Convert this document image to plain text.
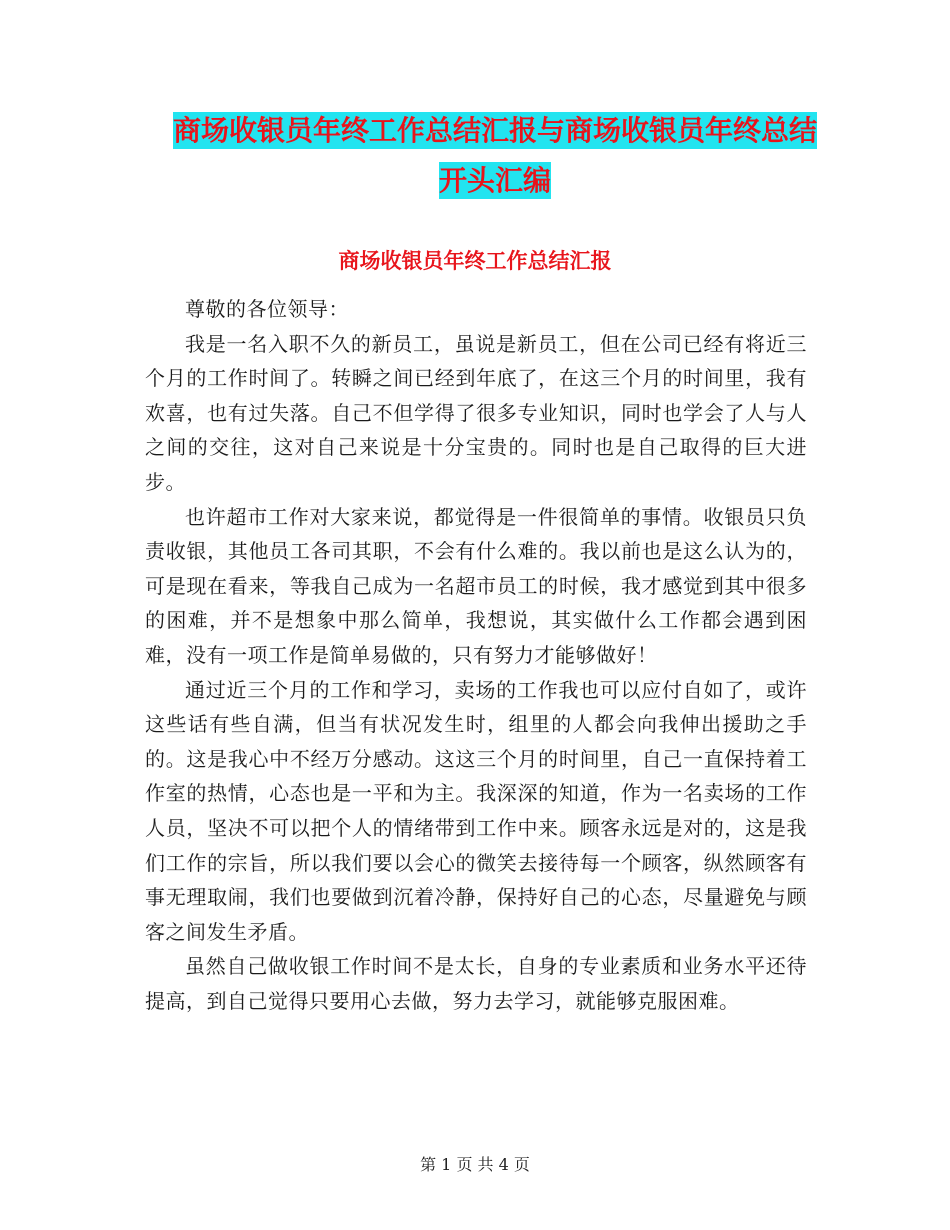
商场收银员年终工作总结汇报与商场收银员年终总结
开头汇编
商场收银员年终工作总结汇报

尊敬的各位领导：

我是一名入职不久的新员工，虽说是新员工，但在公司已经有将近三个月的工作时间了。转瞬之间已经到年底了，在这三个月的时间里，我有欢喜，也有过失落。自己不但学得了很多专业知识，同时也学会了人与人之间的交往，这对自己来说是十分宝贵的。同时也是自己取得的巨大进步。

也许超市工作对大家来说，都觉得是一件很简单的事情。收银员只负责收银，其他员工各司其职，不会有什么难的。我以前也是这么认为的，可是现在看来，等我自己成为一名超市员工的时候，我才感觉到其中很多的困难，并不是想象中那么简单，我想说，其实做什么工作都会遇到困难，没有一项工作是简单易做的，只有努力才能够做好！

通过近三个月的工作和学习，卖场的工作我也可以应付自如了，或许这些话有些自满，但当有状况发生时，组里的人都会向我伸出援助之手的。这是我心中不经万分感动。这这三个月的时间里，自己一直保持着工作室的热情，心态也是一平和为主。我深深的知道，作为一名卖场的工作人员，坚决不可以把个人的情绪带到工作中来。顾客永远是对的，这是我们工作的宗旨，所以我们要以会心的微笑去接待每一个顾客，纵然顾客有事无理取闹，我们也要做到沉着冷静，保持好自己的心态，尽量避免与顾客之间发生矛盾。

虽然自己做收银工作时间不是太长，自身的专业素质和业务水平还待提高，到自己觉得只要用心去做，努力去学习，就能够克服困难。

第 1 页 共 4 页
